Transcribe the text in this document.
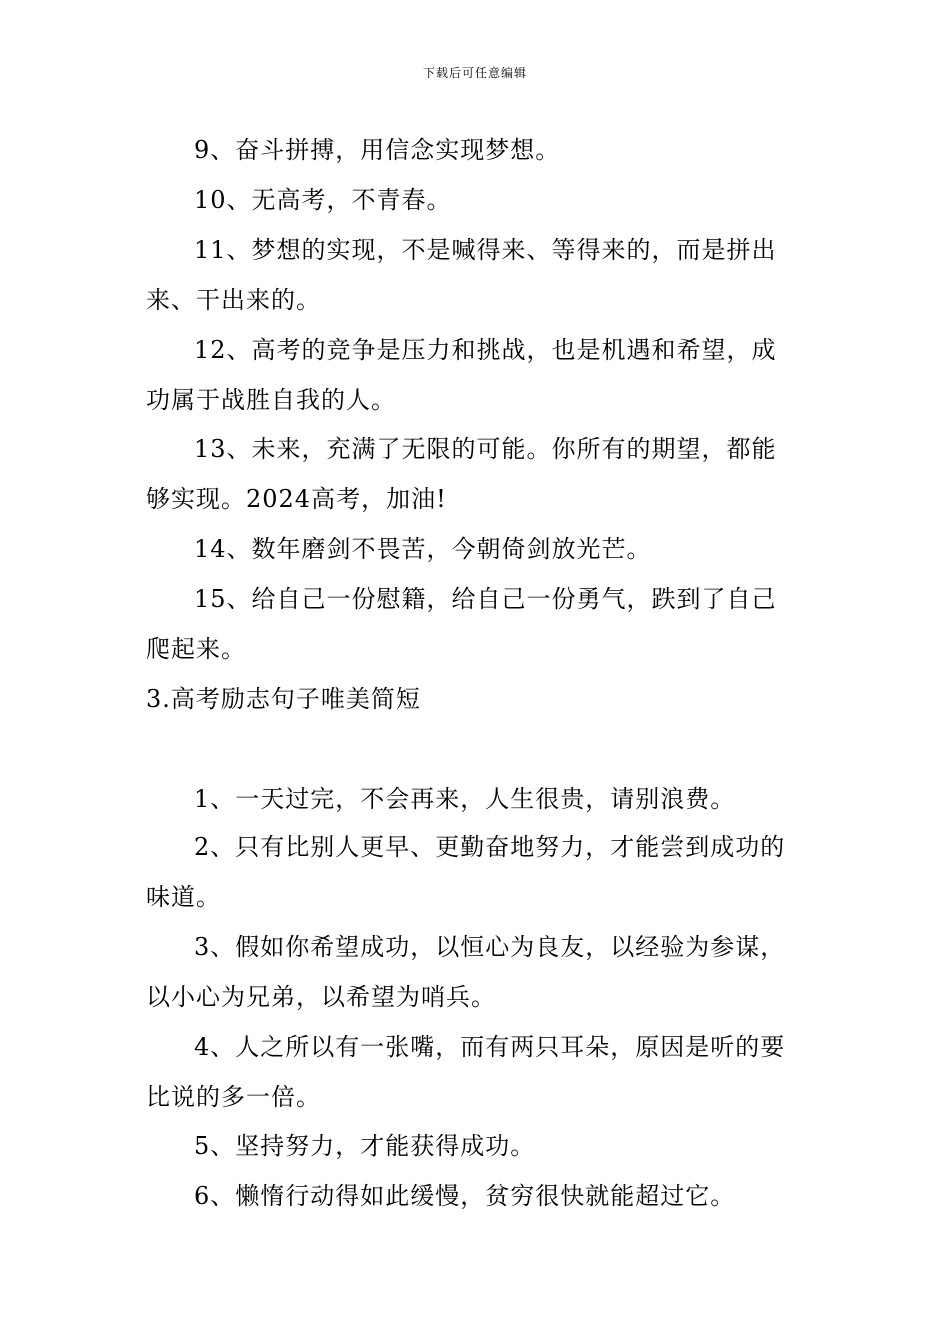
下载后可任意编辑
9、奋斗拼搏，用信念实现梦想。
10、无高考，不青春。
11、梦想的实现，不是喊得来、等得来的，而是拼出
来、干出来的。
12、高考的竞争是压力和挑战，也是机遇和希望，成
功属于战胜自我的人。
13、未来，充满了无限的可能。你所有的期望，都能
够实现。2024高考，加油!
14、数年磨剑不畏苦，今朝倚剑放光芒。
15、给自己一份慰籍，给自己一份勇气，跌到了自己
爬起来。
3.高考励志句子唯美简短
1、一天过完，不会再来，人生很贵，请别浪费。
2、只有比别人更早、更勤奋地努力，才能尝到成功的
味道。
3、假如你希望成功，以恒心为良友，以经验为参谋，
以小心为兄弟，以希望为哨兵。
4、人之所以有一张嘴，而有两只耳朵，原因是听的要
比说的多一倍。
5、坚持努力，才能获得成功。
6、懒惰行动得如此缓慢，贫穷很快就能超过它。
